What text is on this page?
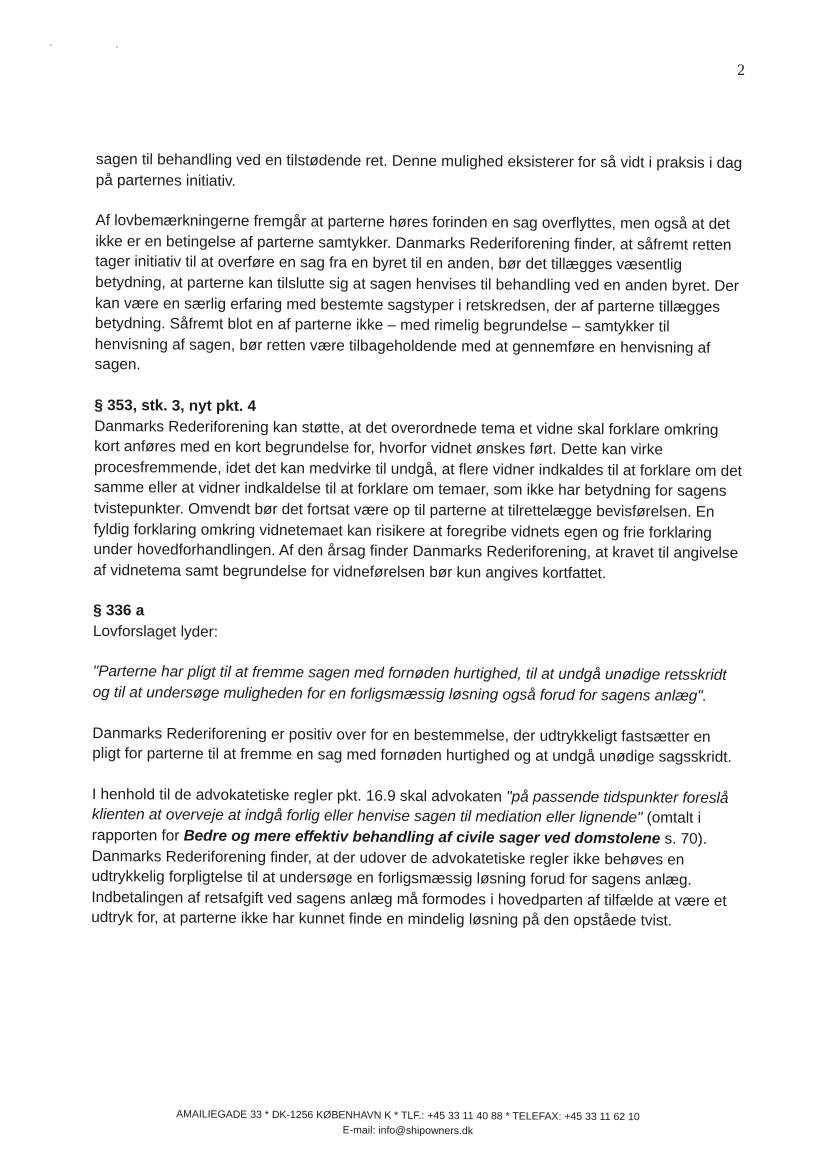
2

sagen til behandling ved en tilstødende ret. Denne mulighed eksisterer for så vidt i praksis i dag på parternes initiativ.

Af lovbemærkningerne fremgår at parterne høres forinden en sag overflyttes, men også at det ikke er en betingelse af parterne samtykker. Danmarks Rederiforening finder, at såfremt retten tager initiativ til at overføre en sag fra en byret til en anden, bør det tillægges væsentlig betydning, at parterne kan tilslutte sig at sagen henvises til behandling ved en anden byret. Der kan være en særlig erfaring med bestemte sagstyper i retskredsen, der af parterne tillægges betydning. Såfremt blot en af parterne ikke – med rimelig begrundelse – samtykker til henvisning af sagen, bør retten være tilbageholdende med at gennemføre en henvisning af sagen.

§ 353, stk. 3, nyt pkt. 4

Danmarks Rederiforening kan støtte, at det overordnede tema et vidne skal forklare omkring kort anføres med en kort begrundelse for, hvorfor vidnet ønskes ført. Dette kan virke procesfremmende, idet det kan medvirke til undgå, at flere vidner indkaldes til at forklare om det samme eller at vidner indkaldelse til at forklare om temaer, som ikke har betydning for sagens tvistepunkter. Omvendt bør det fortsat være op til parterne at tilrettelægge bevisførelsen. En fyldig forklaring omkring vidnetemaet kan risikere at foregribe vidnets egen og frie forklaring under hovedforhandlingen. Af den årsag finder Danmarks Rederiforening, at kravet til angivelse af vidnetema samt begrundelse for vidneførelsen bør kun angives kortfattet.

§ 336 a

Lovforslaget lyder:

"Parterne har pligt til at fremme sagen med fornøden hurtighed, til at undgå unødige retsskridt og til at undersøge muligheden for en forligsmæssig løsning også forud for sagens anlæg".

Danmarks Rederiforening er positiv over for en bestemmelse, der udtrykkeligt fastsætter en pligt for parterne til at fremme en sag med fornøden hurtighed og at undgå unødige sagsskridt.

I henhold til de advokatetiske regler pkt. 16.9 skal advokaten "på passende tidspunkter foreslå klienten at overveje at indgå forlig eller henvise sagen til mediation eller lignende" (omtalt i rapporten for Bedre og mere effektiv behandling af civile sager ved domstolene s. 70). Danmarks Rederiforening finder, at der udover de advokatetiske regler ikke behøves en udtrykkelig forpligtelse til at undersøge en forligsmæssig løsning forud for sagens anlæg. Indbetalingen af retsafgift ved sagens anlæg må formodes i hovedparten af tilfælde at være et udtryk for, at parterne ikke har kunnet finde en mindelig løsning på den opståede tvist.

AMAILIEGADE 33 * DK-1256 KØBENHAVN K * TLF.: +45 33 11 40 88 * TELEFAX: +45 33 11 62 10
E-mail: info@shipowners.dk
